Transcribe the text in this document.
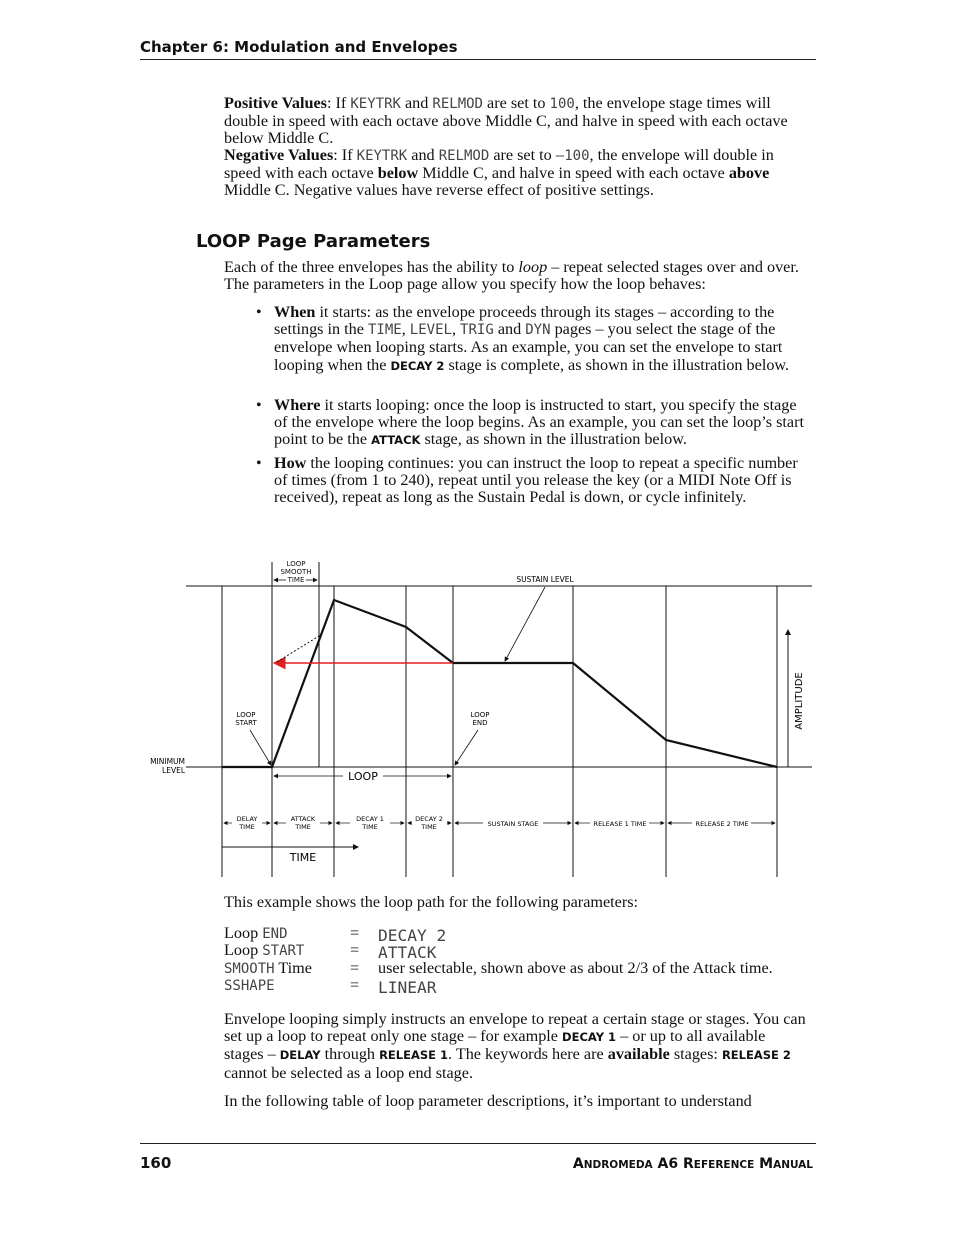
Chapter 6: Modulation and Envelopes
Positive Values: If KEYTRK and RELMOD are set to 100, the envelope stage times will double in speed with each octave above Middle C, and halve in speed with each octave below Middle C.
Negative Values: If KEYTRK and RELMOD are set to –100, the envelope will double in speed with each octave below Middle C, and halve in speed with each octave above Middle C. Negative values have reverse effect of positive settings.
LOOP Page Parameters
Each of the three envelopes has the ability to loop – repeat selected stages over and over. The parameters in the Loop page allow you specify how the loop behaves:
• When it starts: as the envelope proceeds through its stages – according to the settings in the TIME, LEVEL, TRIG and DYN pages – you select the stage of the envelope when looping starts. As an example, you can set the envelope to start looping when the DECAY 2 stage is complete, as shown in the illustration below.
• Where it starts looping: once the loop is instructed to start, you specify the stage of the envelope where the loop begins. As an example, you can set the loop’s start point to be the ATTACK stage, as shown in the illustration below.
• How the looping continues: you can instruct the loop to repeat a specific number of times (from 1 to 240), repeat until you release the key (or a MIDI Note Off is received), repeat as long as the Sustain Pedal is down, or cycle infinitely.
LOOP
SMOOTH
TIME	SUSTAIN LEVEL
LOOP
START
LOOP
END
MINIMUM
LEVEL
AMPLITUDE
LOOP
DELAY
TIME
ATTACK
TIME
DECAY 1
TIME
DECAY 2
TIME	SUSTAIN STAGE	RELEASE 1 TIME	RELEASE 2 TIME
TIME
This example shows the loop path for the following parameters:
Loop END	= DECAY 2
Loop START	= ATTACK
SMOOTH Time = user selectable, shown above as about 2/3 of the Attack time.
SSHAPE	= LINEAR
Envelope looping simply instructs an envelope to repeat a certain stage or stages. You can set up a loop to repeat only one stage – for example DECAY 1 – or up to all available stages – DELAY through RELEASE 1. The keywords here are available stages: RELEASE 2 cannot be selected as a loop end stage.
In the following table of loop parameter descriptions, it’s important to understand
160	ANDROMEDA A6 REFERENCE MANUAL
